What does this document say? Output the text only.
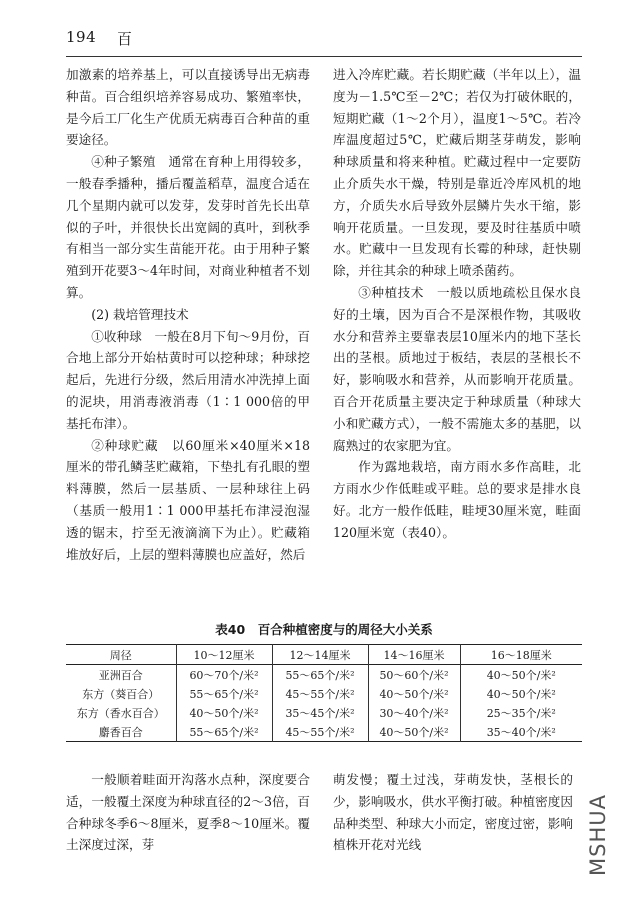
194 百

加激素的培养基上，可以直接诱导出无病毒种苗。百合组织培养容易成功、繁殖率快，是今后工厂化生产优质无病毒百合种苗的重要途径。

④种子繁殖　通常在育种上用得较多，一般春季播种，播后覆盖稻草，温度合适在几个星期内就可以发芽，发芽时首先长出草似的子叶，并很快长出宽阔的真叶，到秋季有相当一部分实生苗能开花。由于用种子繁殖到开花要3～4年时间，对商业种植者不划算。

(2) 栽培管理技术

①收种球　一般在8月下旬～9月份，百合地上部分开始枯黄时可以挖种球；种球挖起后，先进行分级，然后用清水冲洗掉上面的泥块，用消毒液消毒（1∶1 000倍的甲基托布津）。

②种球贮藏　以60厘米×40厘米×18厘米的带孔鳞茎贮藏箱，下垫扎有孔眼的塑料薄膜，然后一层基质、一层种球往上码（基质一般用1∶1 000甲基托布津浸泡湿透的锯末，拧至无液滴滴下为止）。贮藏箱堆放好后，上层的塑料薄膜也应盖好，然后

进入冷库贮藏。若长期贮藏（半年以上），温度为－1.5℃至－2℃；若仅为打破休眠的，短期贮藏（1～2个月），温度1～5℃。若冷库温度超过5℃，贮藏后期茎芽萌发，影响种球质量和将来种植。贮藏过程中一定要防止介质失水干燥，特别是靠近冷库风机的地方，介质失水后导致外层鳞片失水干缩，影响开花质量。一旦发现，要及时往基质中喷水。贮藏中一旦发现有长霉的种球，赶快剔除，并往其余的种球上喷杀菌药。

③种植技术　一般以质地疏松且保水良好的土壤，因为百合不是深根作物，其吸收水分和营养主要靠表层10厘米内的地下茎长出的茎根。质地过于板结，表层的茎根长不好，影响吸水和营养，从而影响开花质量。百合开花质量主要决定于种球质量（种球大小和贮藏方式），一般不需施太多的基肥，以腐熟过的农家肥为宜。

作为露地栽培，南方雨水多作高畦，北方雨水少作低畦或平畦。总的要求是排水良好。北方一般作低畦，畦埂30厘米宽，畦面120厘米宽（表40）。

表40　百合种植密度与的周径大小关系
周径	10～12厘米	12～14厘米	14～16厘米	16～18厘米
亚洲百合	60～70个/米²	55～65个/米²	50～60个/米²	40～50个/米²
东方（葵百合）	55～65个/米²	45～55个/米²	40～50个/米²	40～50个/米²
东方（香水百合）	40～50个/米²	35～45个/米²	30～40个/米²	25～35个/米²
麝香百合	55～65个/米²	45～55个/米²	40～50个/米²	35～40个/米²

一般顺着畦面开沟落水点种，深度要合适，一般覆土深度为种球直径的2～3倍，百合种球冬季6～8厘米，夏季8～10厘米。覆土深度过深，芽

萌发慢；覆土过浅，芽萌发快，茎根长的少，影响吸水，供水平衡打破。种植密度因品种类型、种球大小而定，密度过密，影响植株开花对光线	MSHUA
